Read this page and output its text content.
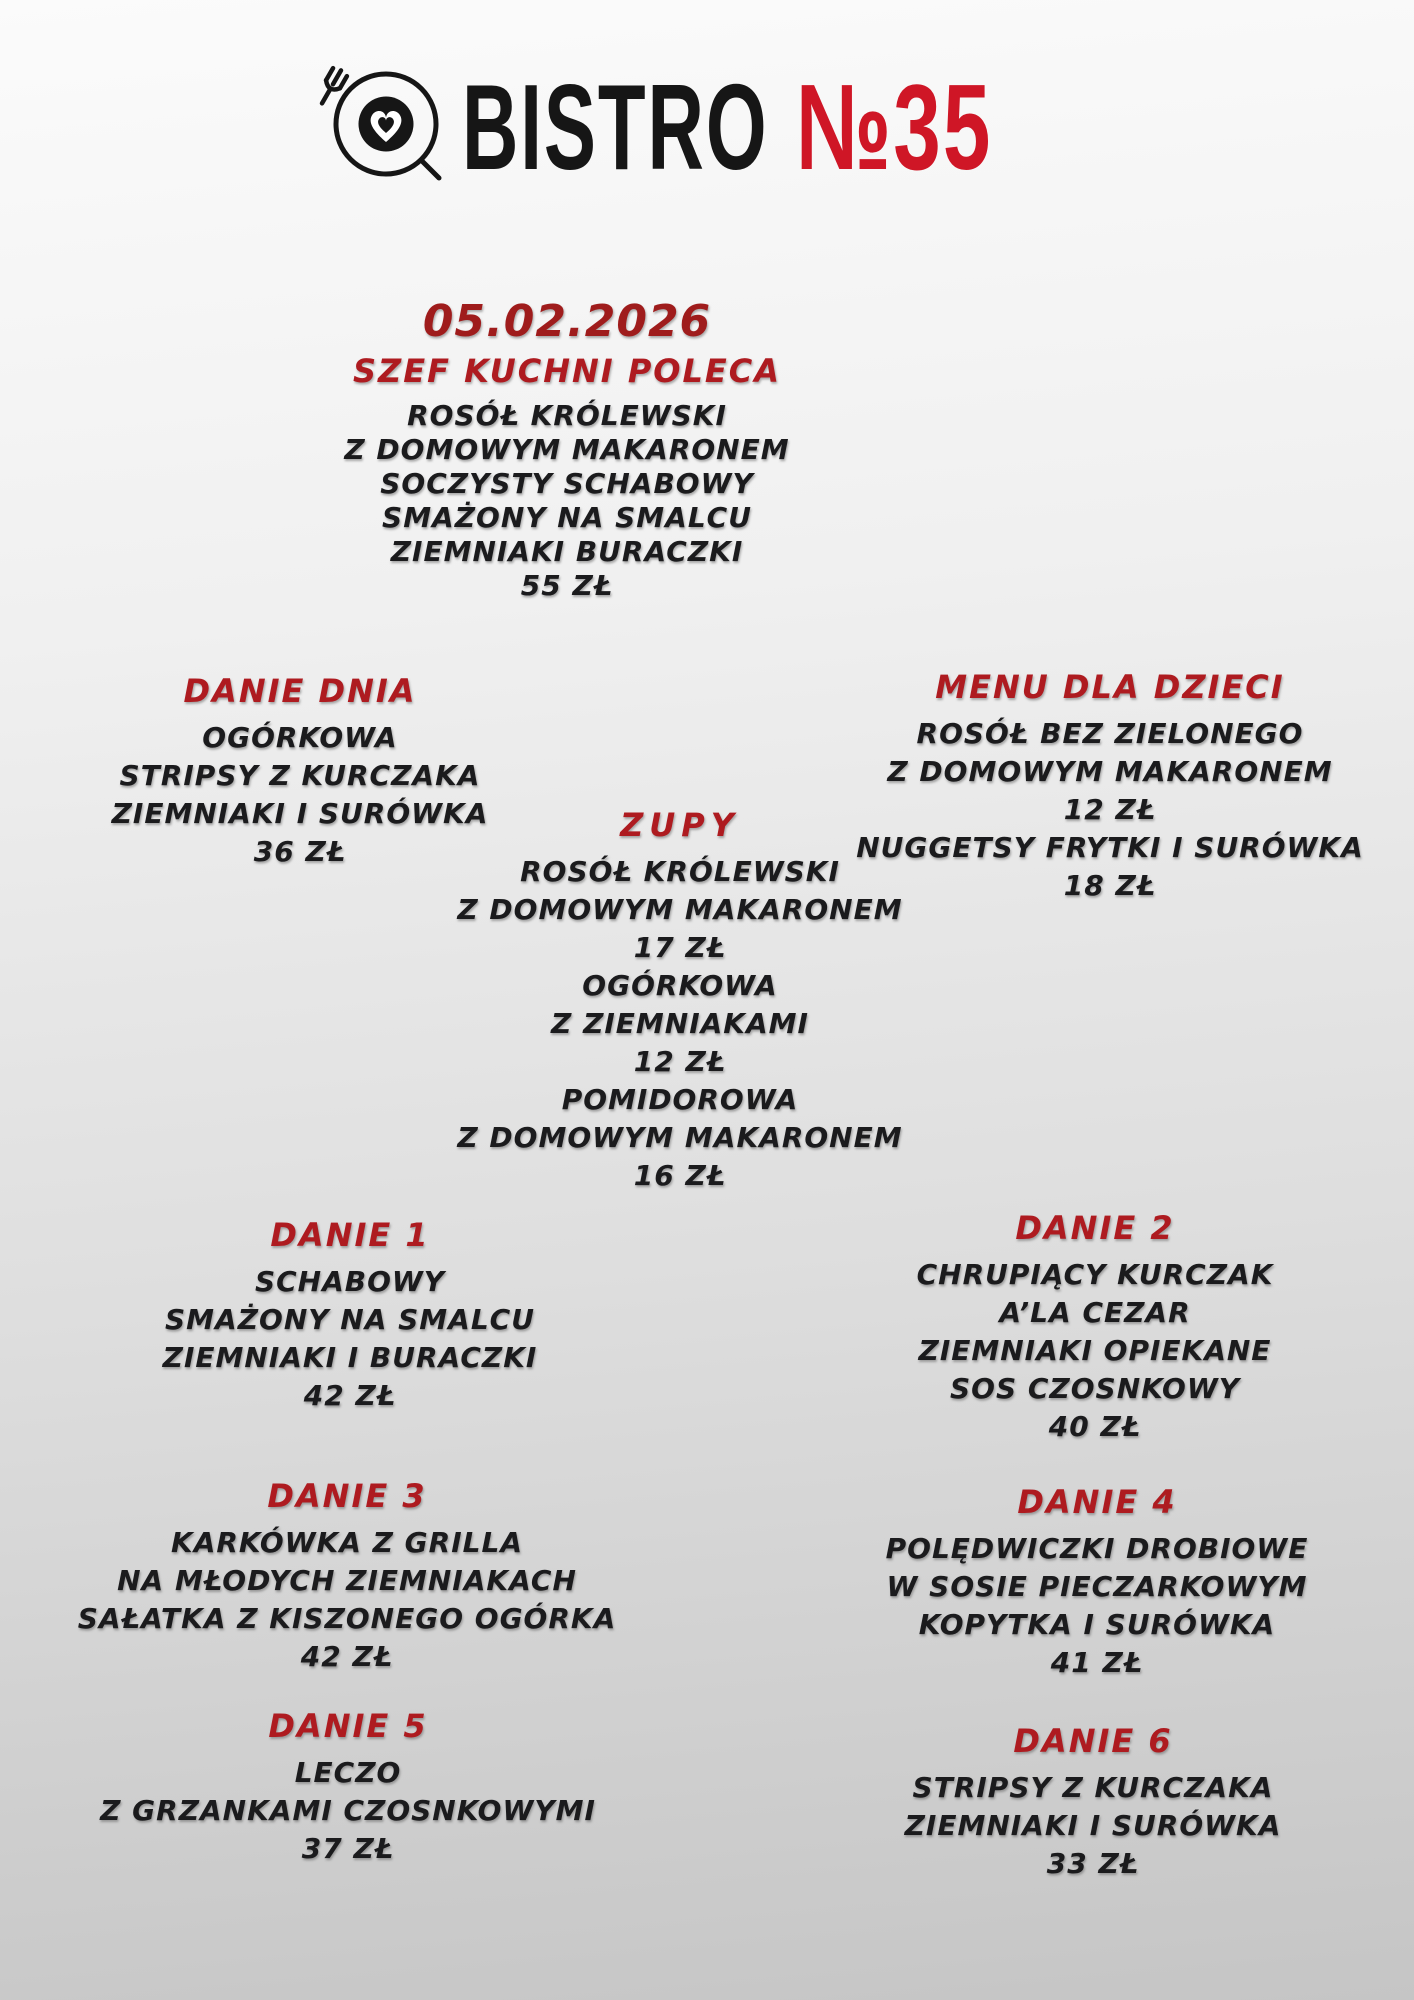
BISTRO №35
05.02.2026
SZEF KUCHNI POLECA
ROSÓŁ KRÓLEWSKI
Z DOMOWYM MAKARONEM
SOCZYSTY SCHABOWY
SMAŻONY NA SMALCU
ZIEMNIAKI BURACZKI
55 ZŁ
DANIE DNIA
OGÓRKOWA
STRIPSY Z KURCZAKA
ZIEMNIAKI I SURÓWKA
36 ZŁ
MENU DLA DZIECI
ROSÓŁ BEZ ZIELONEGO
Z DOMOWYM MAKARONEM
12 ZŁ
NUGGETSY FRYTKI I SURÓWKA
18 ZŁ
ZUPY
ROSÓŁ KRÓLEWSKI
Z DOMOWYM MAKARONEM
17 ZŁ
OGÓRKOWA
Z ZIEMNIAKAMI
12 ZŁ
POMIDOROWA
Z DOMOWYM MAKARONEM
16 ZŁ
DANIE 1
SCHABOWY
SMAŻONY NA SMALCU
ZIEMNIAKI I BURACZKI
42 ZŁ
DANIE 2
CHRUPIĄCY KURCZAK
A’LA CEZAR
ZIEMNIAKI OPIEKANE
SOS CZOSNKOWY
40 ZŁ
DANIE 3
KARKÓWKA Z GRILLA
NA MŁODYCH ZIEMNIAKACH
SAŁATKA Z KISZONEGO OGÓRKA
42 ZŁ
DANIE 4
POLĘDWICZKI DROBIOWE
W SOSIE PIECZARKOWYM
KOPYTKA I SURÓWKA
41 ZŁ
DANIE 5
LECZO
Z GRZANKAMI CZOSNKOWYMI
37 ZŁ
DANIE 6
STRIPSY Z KURCZAKA
ZIEMNIAKI I SURÓWKA
33 ZŁ
